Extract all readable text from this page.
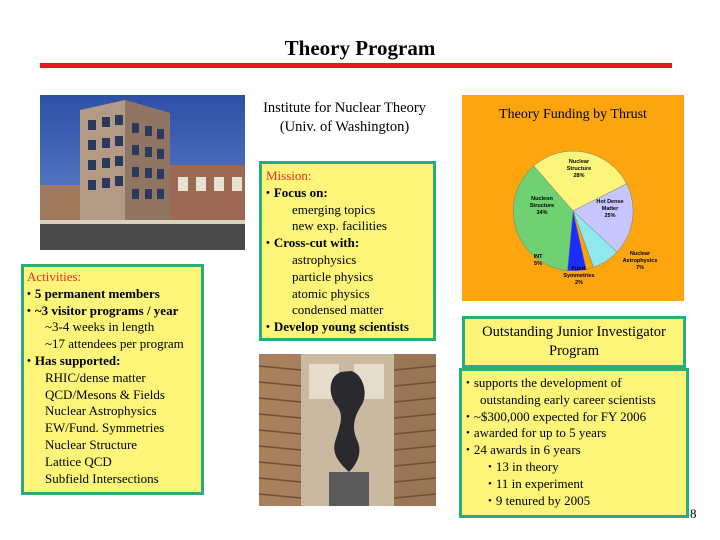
Theory Program
Institute for Nuclear Theory
(Univ. of Washington)
Activities:
• 5 permanent members
• ~3 visitor programs / year
~3-4 weeks in length
~17 attendees per program
• Has supported:
RHIC/dense matter
QCD/Mesons & Fields
Nuclear Astrophysics
EW/Fund. Symmetries
Nuclear Structure
Lattice QCD
Subfield Intersections
Mission:
• Focus on:
emerging topics
new exp. facilities
• Cross-cut with:
astrophysics
particle physics
atomic physics
condensed matter
• Develop young scientists
Theory Funding by Thrust
Nuclear
Structure
28%
Hot Dense
Matter
25%
Nucleon
Structure
34%
Nuclear
Astrophysics
7%
INT
5%
Fund.
Symmetries
2%
Outstanding Junior Investigator
Program
• supports the development of
outstanding early career scientists
• ~$300,000 expected for FY 2006
• awarded for up to 5 years
• 24 awards in 6 years
• 13 in theory
• 11 in experiment
• 9 tenured by 2005
8
